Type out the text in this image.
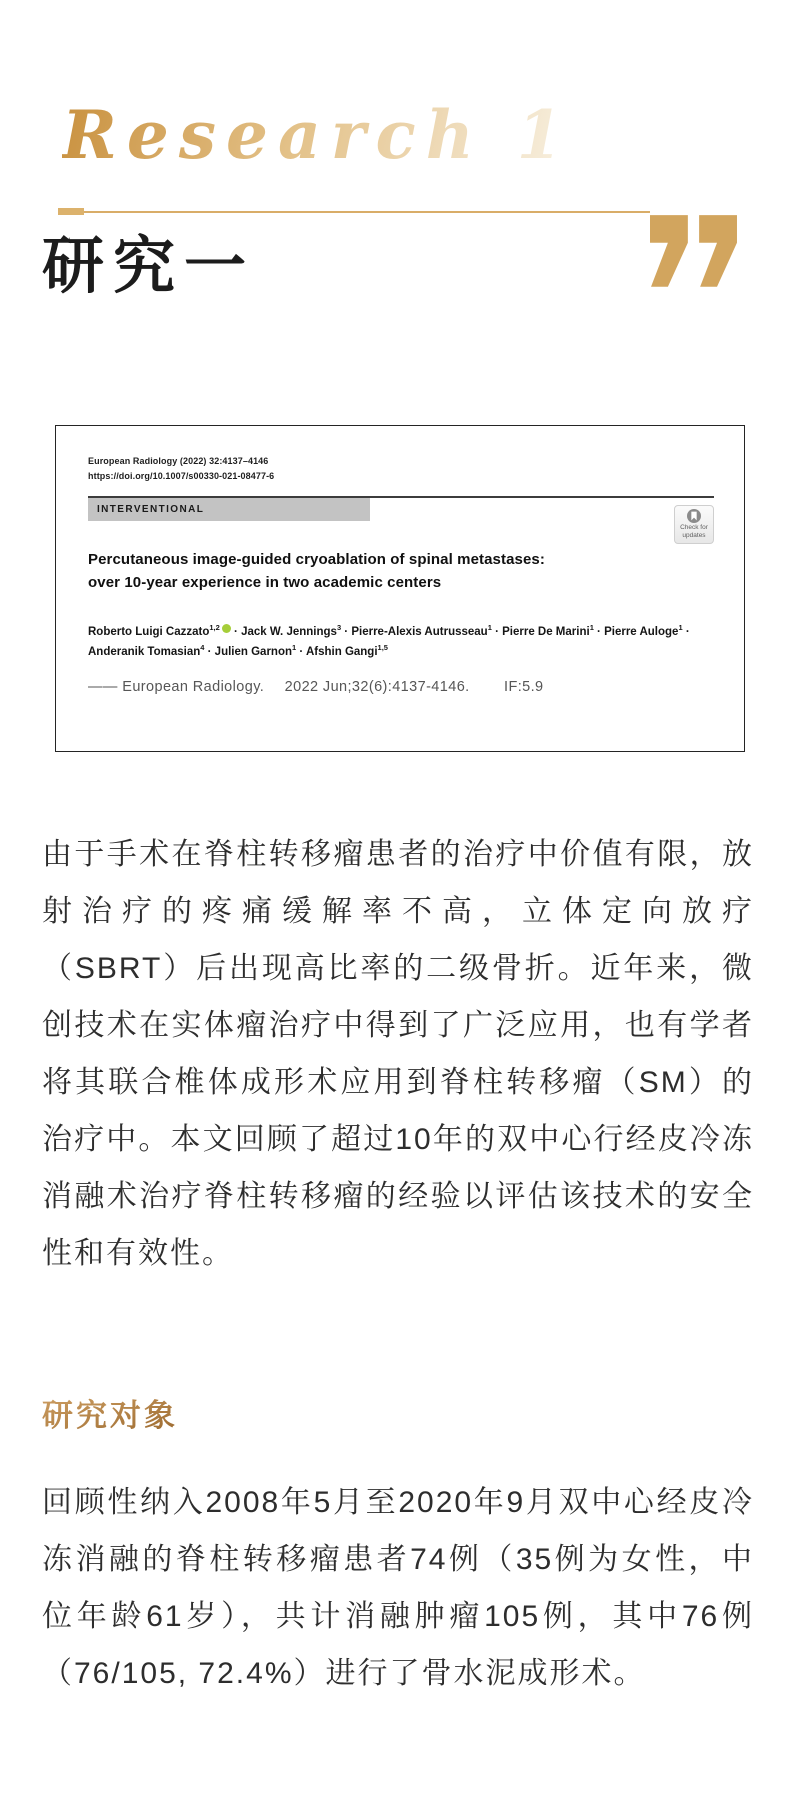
Research 1
研究一
European Radiology (2022) 32:4137–4146
https://doi.org/10.1007/s00330-021-08477-6
INTERVENTIONAL
Check for
updates
Percutaneous image-guided cryoablation of spinal metastases:
over 10-year experience in two academic centers
Roberto Luigi Cazzato$^{1,2}$ · Jack W. Jennings$^3$ · Pierre-Alexis Autrusseau$^1$ · Pierre De Marini$^1$ · Pierre Auloge$^1$ ·
Anderanik Tomasian$^4$ · Julien Garnon$^1$ · Afshin Gangi$^{1,5}$
—— European Radiology. 2022 Jun;32(6):4137-4146. IF:5.9

由于手术在脊柱转移瘤患者的治疗中价值有限，放射治疗的疼痛缓解率不高，立体定向放疗（SBRT）后出现高比率的二级骨折。近年来，微创技术在实体瘤治疗中得到了广泛应用，也有学者将其联合椎体成形术应用到脊柱转移瘤（SM）的治疗中。本文回顾了超过10年的双中心行经皮冷冻消融术治疗脊柱转移瘤的经验以评估该技术的安全性和有效性。

研究对象

回顾性纳入2008年5月至2020年9月双中心经皮冷冻消融的脊柱转移瘤患者74例（35例为女性，中位年龄61岁），共计消融肿瘤105例，其中76例（76/105, 72.4%）进行了骨水泥成形术。
